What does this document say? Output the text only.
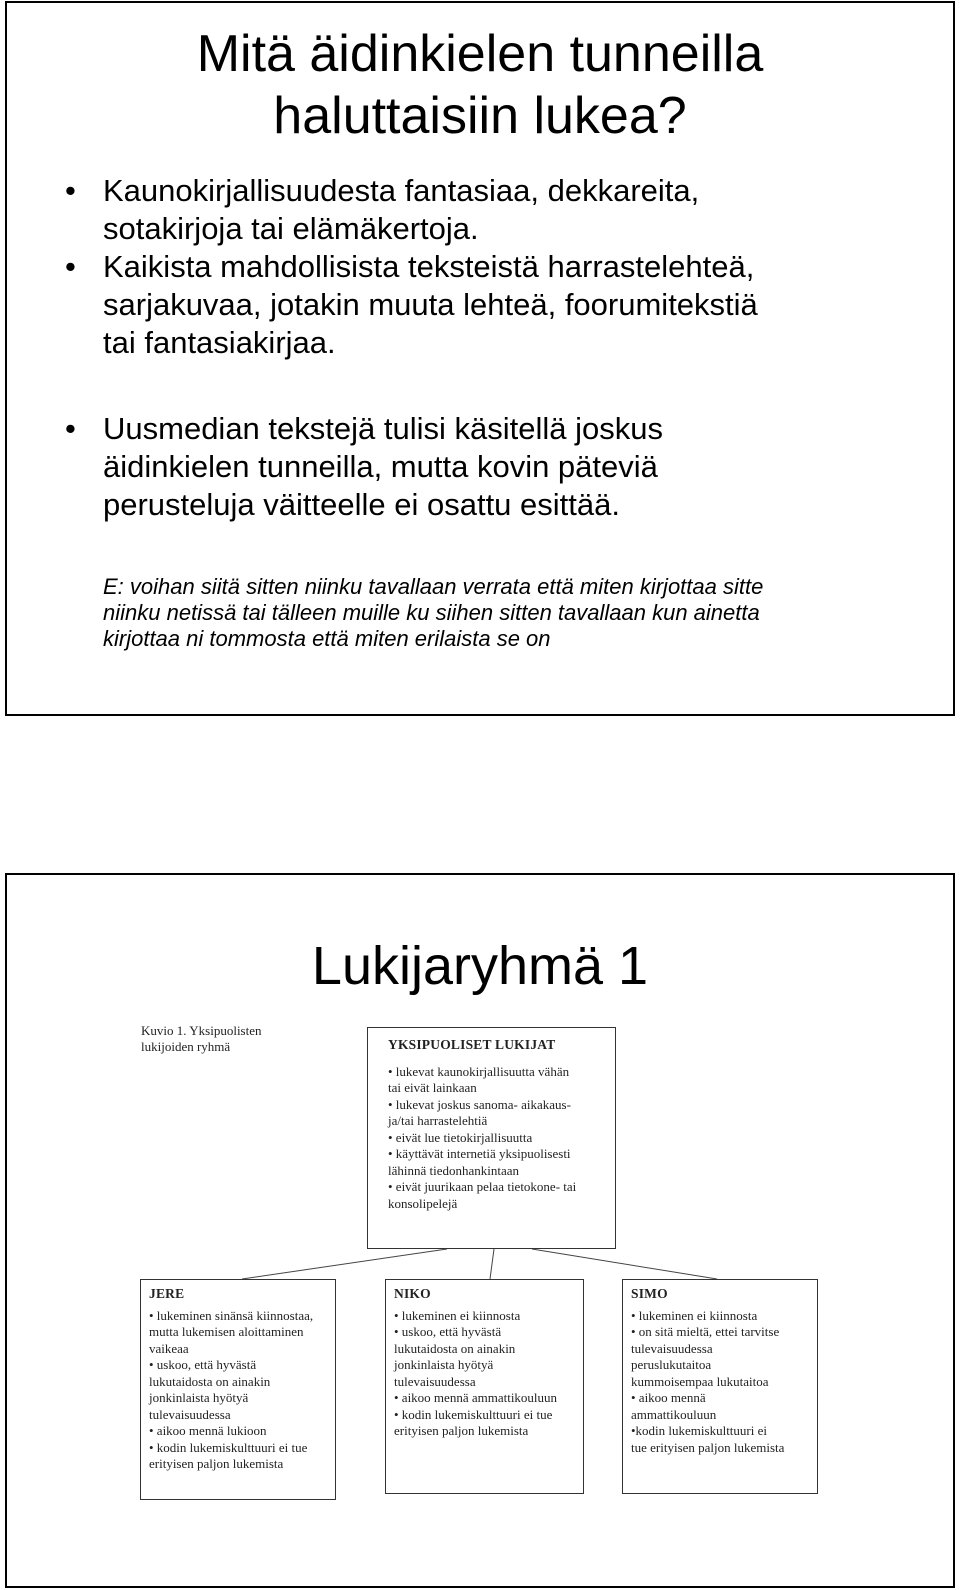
Mitä äidinkielen tunneilla
haluttaisiin lukea?
• Kaunokirjallisuudesta fantasiaa, dekkareita,
sotakirjoja tai elämäkertoja.
• Kaikista mahdollisista teksteistä harrastelehteä,
sarjakuvaa, jotakin muuta lehteä, foorumitekstiä
tai fantasiakirjaa.
• Uusmedian tekstejä tulisi käsitellä joskus
äidinkielen tunneilla, mutta kovin päteviä
perusteluja väitteelle ei osattu esittää.
E: voihan siitä sitten niinku tavallaan verrata että miten kirjottaa sitte
niinku netissä tai tälleen muille ku siihen sitten tavallaan kun ainetta
kirjottaa ni tommosta että miten erilaista se on
Lukijaryhmä 1
Kuvio 1. Yksipuolisten
lukijoiden ryhmä	YKSIPUOLISET LUKIJAT
• lukevat kaunokirjallisuutta vähän
tai eivät lainkaan
• lukevat joskus sanoma- aikakaus-
ja/tai harrastelehtiä
• eivät lue tietokirjallisuutta
• käyttävät internetiä yksipuolisesti
lähinnä tiedonhankintaan
• eivät juurikaan pelaa tietokone- tai
konsolipelejä
JERE
• lukeminen sinänsä kiinnostaa,
mutta lukemisen aloittaminen
vaikeaa
• uskoo, että hyvästä
lukutaidosta on ainakin
jonkinlaista hyötyä
tulevaisuudessa
• aikoo mennä lukioon
• kodin lukemiskulttuuri ei tue
erityisen paljon lukemista
NIKO
• lukeminen ei kiinnosta
• uskoo, että hyvästä
lukutaidosta on ainakin
jonkinlaista hyötyä
tulevaisuudessa
• aikoo mennä ammattikouluun
• kodin lukemiskulttuuri ei tue
erityisen paljon lukemista
SIMO
• lukeminen ei kiinnosta
• on sitä mieltä, ettei tarvitse
tulevaisuudessa
peruslukutaitoa
kummoisempaa lukutaitoa
• aikoo mennä
ammattikouluun
•kodin lukemiskulttuuri ei
tue erityisen paljon lukemista
